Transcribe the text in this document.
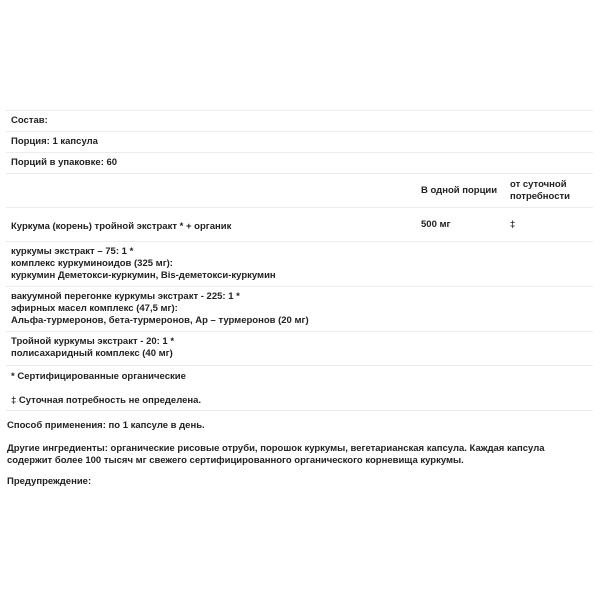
Состав:
Порция: 1 капсула
Порций в упаковке: 60
В одной порции
от суточной
потребности
Куркума (корень) тройной экстракт * + органик	500 мг	‡
куркумы экстракт – 75: 1 *
комплекс куркуминоидов (325 мг):
куркумин Деметокси-куркумин, Bis-деметокси-куркумин
вакуумной перегонке куркумы экстракт - 225: 1 *
эфирных масел комплекс (47,5 мг):
Альфа-турмеронов, бета-турмеронов, Ар – турмеронов (20 мг)
Тройной куркумы экстракт - 20: 1 *
полисахаридный комплекс (40 мг)
* Сертифицированные органические
‡ Суточная потребность не определена.
Способ применения: по 1 капсуле в день.
Другие ингредиенты: органические рисовые отруби, порошок куркумы, вегетарианская капсула. Каждая капсула
содержит более 100 тысяч мг свежего сертифицированного органического корневища куркумы.
Предупреждение:
